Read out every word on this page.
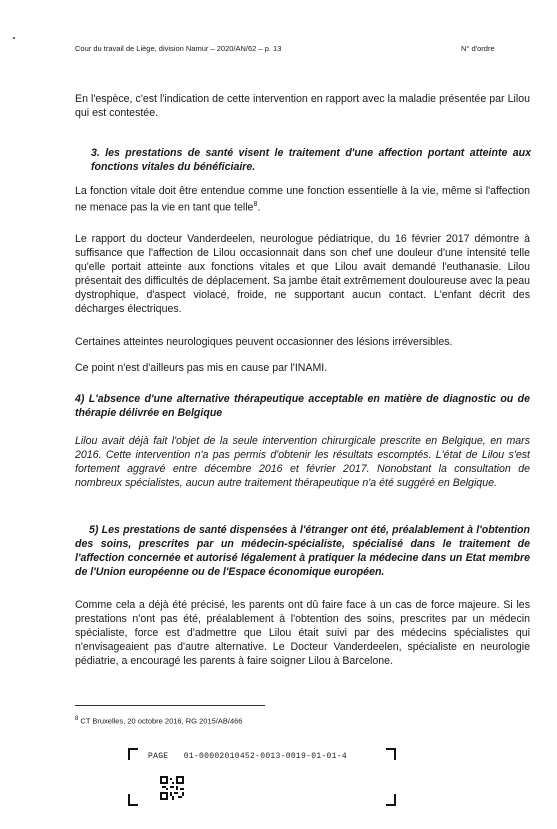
Cour du travail de Liège, division Namur – 2020/AN/62 – p. 13	N° d'ordre

En l'espèce, c'est l'indication de cette intervention en rapport avec la maladie présentée par Lilou qui est contestée.

3. les prestations de santé visent le traitement d'une affection portant atteinte aux fonctions vitales du bénéficiaire.

La fonction vitale doit être entendue comme une fonction essentielle à la vie, même si l'affection ne menace pas la vie en tant que telle$^8$.

Le rapport du docteur Vanderdeelen, neurologue pédiatrique, du 16 février 2017 démontre à suffisance que l'affection de Lilou occasionnait dans son chef une douleur d'une intensité telle qu'elle portait atteinte aux fonctions vitales et que Lilou avait demandé l'euthanasie. Lilou présentait des difficultés de déplacement. Sa jambe était extrêmement douloureuse avec la peau dystrophique, d'aspect violacé, froide, ne supportant aucun contact. L'enfant décrit des décharges électriques.

Certaines atteintes neurologiques peuvent occasionner des lésions irréversibles.

Ce point n'est d'ailleurs pas mis en cause par l'INAMI.

4) L'absence d'une alternative thérapeutique acceptable en matière de diagnostic ou de thérapie délivrée en Belgique

Lilou avait déjà fait l'objet de la seule intervention chirurgicale prescrite en Belgique, en mars 2016. Cette intervention n'a pas permis d'obtenir les résultats escomptés. L'état de Lilou s'est fortement aggravé entre décembre 2016 et février 2017. Nonobstant la consultation de nombreux spécialistes, aucun autre traitement thérapeutique n'a été suggéré en Belgique.

5) Les prestations de santé dispensées à l'étranger ont été, préalablement à l'obtention des soins, prescrites par un médecin-spécialiste, spécialisé dans le traitement de l'affection concernée et autorisé légalement à pratiquer la médecine dans un Etat membre de l'Union européenne ou de l'Espace économique européen.

Comme cela a déjà été précisé, les parents ont dû faire face à un cas de force majeure. Si les prestations n'ont pas été, préalablement à l'obtention des soins, prescrites par un médecin spécialiste, force est d'admettre que Lilou était suivi par des médecins spécialistes qui n'envisageaient pas d'autre alternative. Le Docteur Vanderdeelen, spécialiste en neurologie pédiatrie, a encouragé les parents à faire soigner Lilou à Barcelone.

$^8$ CT Bruxelles, 20 octobre 2016, RG 2015/AB/466
PAGE 01-00002010452-0013-0019-01-01-4
